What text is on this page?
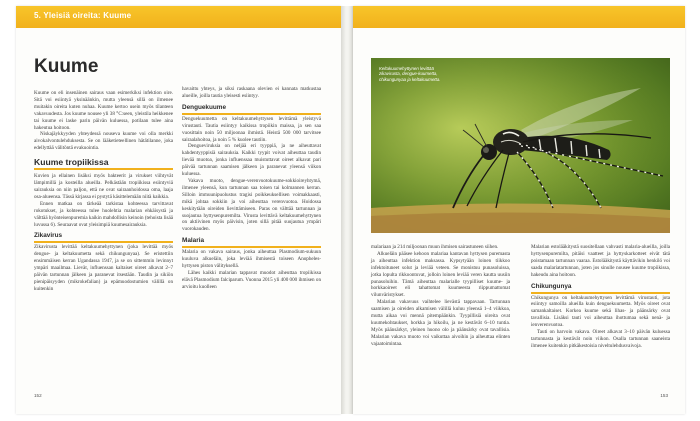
5. Yleisiä oireita: Kuume
Kuume

Kuume on eli insenäinen sairaus vaan esimerkiksi infektion oire. Sitä voi esiintyä yksinäänkin, mutta yleensä sillä on ilmenee muitakin oireita kuten nuhaa. Kuume kertoo usein myös tilanteen vakavuudesta. Jos kuume nousee yli 38 °C:seen, yleistila heikkenee tai kuume ei laske parin päivän kuluessa, potilaan tulee aina hakeutua hoitoon.

Niskajäykkyyden yhteydessä nouseva kuume voi olla merkki aivokalvontulehduksesta. Se on lääketieteellinen hätätilanne, joka edellyttää välitöntä evakuointia.

Kuume tropiikissa

Kuvien ja ellainen lisäksi myös bakteerit ja virukset viihtyvät lämpimillä ja kosteilla alueilla. Pelkästään tropiikissa esiintyviä sairauksia on niin paljon, että ne ovat sairaanhoidossa oma, laaja osa-alueensa. Tässä kirjassa ei pystytä käsittelemään niitä kaikkia.

Ennen matkaa on tärkeää tarkistaa kohteessa tarvittavat rokotukset, ja kohteessa tulee huolehtia malarian ehkäisystä ja välttää hyönteisenpuremia kaikin mahdollisin keinoin (tehoista lisää luvussa 6). Seuraavat ovat yleisimpiä kuumesairauksia.

Zikavirus

Zikavirusta levittää keltakuumehyttynen (joka levittää myös dengue- ja keltakuumetta sekä chikungunyaa). Se eristettiin ensimmäisen kerran Ugandassa 1947, ja se on sittemmin levinnyt ympäri maailmaa. Lievät, influenssan kaltaiset oireet alkavat 2–7 päivän tartunnan jälkeen ja paranevat itsestään. Taudin ja sikiön pienipäisyyden (mikrokefalian) ja epämuodostumien välillä on kuitenkin

havaittu yhteys, ja siksi raskaana olevien ei kannata matkustaa alueille, joilla tautia yleisesti esiintyy.

Denguekuume

Denguekuumetta on keltakuumehyttysen levittämä yleistyvä virustauti. Tautia esiintyy kaikissa tropiikin maissa, ja sen saa vuosittain noin 50 miljoonaa ihmistä. Heistä 500 000 tarvitsee sairaalahoitoa, ja noin 5 % kuolee tautiin.

Dengueviruksia on neljää eri tyyppiä, ja ne aiheuttavat kahdentyyppisiä sairauksia. Kaikki tyypit voivat aiheuttaa taudin lievää muotoa, jonka influenssaa muistuttavat oireet alkavat pari päivää tartunnan saamisen jälkeen ja paranevat yleensä viikon kuluessa.

Vakava muoto, dengue-verenvuotokuume-sokkioireyhtymä, ilmenee yleensä, kun tartunnan saa toisen tai kolmannen kerran. Silloin immuunipuolustus tragisi poikkeuksellisen voimakkaasti, mikä johtaa sokkiin ja voi aiheuttaa verenvuotoa. Hoidossa keskitytään oireiden lievittämiseen. Paras on välttää tartunnan ja suojautua hyttysenpuremilta. Virusta levittävä keltakuumehyttynen on aktiivinen myös päivisin, joten sillä pitää suojautua ympäri vuorokauden.

Malaria

Malaria on vakava sairaus, jonka aiheuttaa Plasmodium-sukuun kuuluva alkueläin, joka leviää ihmisestä toiseen Anopheles-hyttysen piston välityksellä.

Lähes kaikki malarian tappavat muodot aiheuttaa tropiikissa elävä Plasmodium falciparum. Vuonna 2015 yli 400 000 ihmisen on arvioitu kuolleen

152
Keltakuumehyttynen levittää zikavirusta, dengue-kuumetta, chikungunyaa ja keltakuumetta.

malariaan ja 214 miljoonan muun ihmisen sairastuneen siihen.

Alkueläin pääsee kehoon malariaa kantavan hyttysen puremasta ja aiheuttaa infektion maksassa. Kypsytyään loinen tiikkoo infektoituneet solut ja leviää veteen. Se monistuu punasoluissa, jotka lopulta rikkoontuvat, jolloin loinen leviää veren kautta uusiin punasoluihin. Tämä aiheuttaa malarialle tyypilliset kuume- ja horkkaoireet eli tahattomat kuumeesta riippumattomat vilunväristykset.

Malarian vakavuus vaihtelee lievästä tappavaan. Tartunnan saamisen ja oireiden alkamisen välillä kuluu yleensä 1–4 viikkoa, mutta aikaa voi mennä pitempäänkin. Tyypillisiä oireita ovat kuumekohtaukset, horkka ja hikoilu, ja ne kestävät 6–10 tuntia. Myös päänsärkyt, yleinen huono olo ja päänsärky ovat tavallisia. Malarian vakava muoto voi vaikuttaa aivoihin ja aiheuttaa elinten vajaatoimintaa.

Malarian estolääkitystä suositellaan vahvasti malaria-alueilla, joilla hyttysenpuremilta, pitäisi vaatteet ja hyttyskarkotteet eivät tätä poistamaan tartunnan vaaraa. Estolääkitystä käyttävikin henkilö voi saada malariatartunnan, joten jos sinulle nousee kuume tropiikissa, hakeudu aina hoitoon.

Chikungunya

Chikungunya on keltakuumehyttysen levittämä virustauti, jota esiintyy samoilla alueilla kuin denguekuumetta. Myös oireet ovat samankaltaiset. Korkea kuume sekä lihas- ja päänsärky ovat tavallisia. Lisäksi tauti voi aiheuttaa ihottumaa sekä nenä- ja ienverenvuotoa.

Tauti on harvoin vakava. Oireet alkavat 3–10 päivän kuluessa tartunnasta ja kestävät noin viikon. Osalla tartunnan saaneista ilmenee kuitenkin pitkäkestoisia niveltulehdusvaivoja.

153
